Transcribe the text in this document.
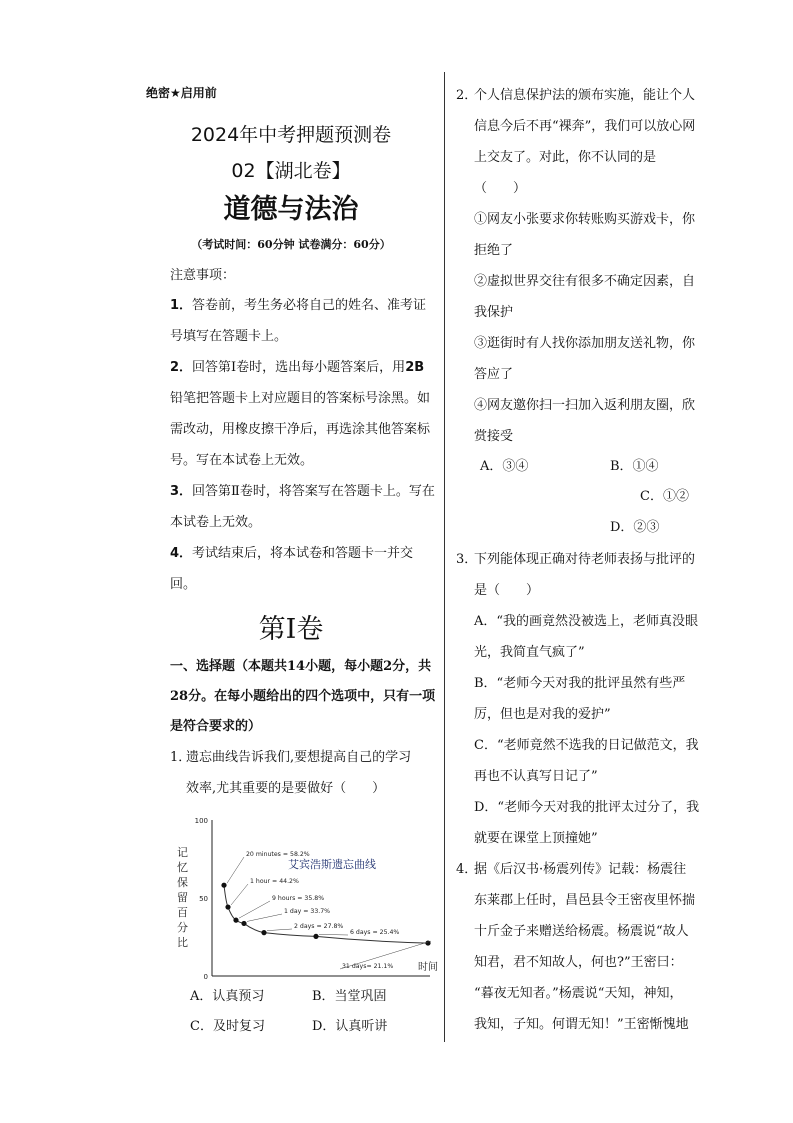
绝密★启用前
2024年中考押题预测卷
02【湖北卷】
道德与法治
（考试时间：60分钟 试卷满分：60分）
注意事项：

1．答卷前，考生务必将自己的姓名、准考证号填写在答题卡上。

2．回答第Ⅰ卷时，选出每小题答案后，用2B铅笔把答题卡上对应题目的答案标号涂黑。如需改动，用橡皮擦干净后，再选涂其他答案标号。写在本试卷上无效。

3．回答第Ⅱ卷时，将答案写在答题卡上。写在本试卷上无效。

4．考试结束后，将本试卷和答题卡一并交回。

第Ⅰ卷
一、选择题（本题共14小题，每小题2分，共28分。在每小题给出的四个选项中，只有一项是符合要求的）
1．遗忘曲线告诉我们,要想提高自己的学习
效率,尤其重要的是要做好（　　）
100
50
0
记
忆
保
留
百
分
比
艾宾浩斯遗忘曲线
时间
20 minutes = 58.2%
1 hour = 44.2%
9 hours = 35.8%
1 day = 33.7%
2 days = 27.8%
6 days = 25.4%
31 days= 21.1%
A．认真预习	B．当堂巩固
C．及时复习	D．认真听讲
2．个人信息保护法的颁布实施，能让个人
信息今后不再“裸奔”，我们可以放心网
上交友了。对此，你不认同的是
（　　）
①网友小张要求你转账购买游戏卡，你
拒绝了
②虚拟世界交往有很多不确定因素，自
我保护
③逛街时有人找你添加朋友送礼物，你
答应了
④网友邀你扫一扫加入返利朋友圈，欣
赏接受
A．③④	B．①④
C．①②
D．②③
3．下列能体现正确对待老师表扬与批评的
是（　　）
A．“我的画竟然没被选上，老师真没眼
光，我简直气疯了”
B．“老师今天对我的批评虽然有些严
厉，但也是对我的爱护”
C．“老师竟然不选我的日记做范文，我
再也不认真写日记了”
D．“老师今天对我的批评太过分了，我
就要在课堂上顶撞她”
4．据《后汉书·杨震列传》记载：杨震往
东莱郡上任时，昌邑县令王密夜里怀揣
十斤金子来赠送给杨震。杨震说“故人
知君，君不知故人，何也?”王密曰：
“暮夜无知者。”杨震说“天知，神知，
我知，子知。何谓无知！”王密惭愧地
